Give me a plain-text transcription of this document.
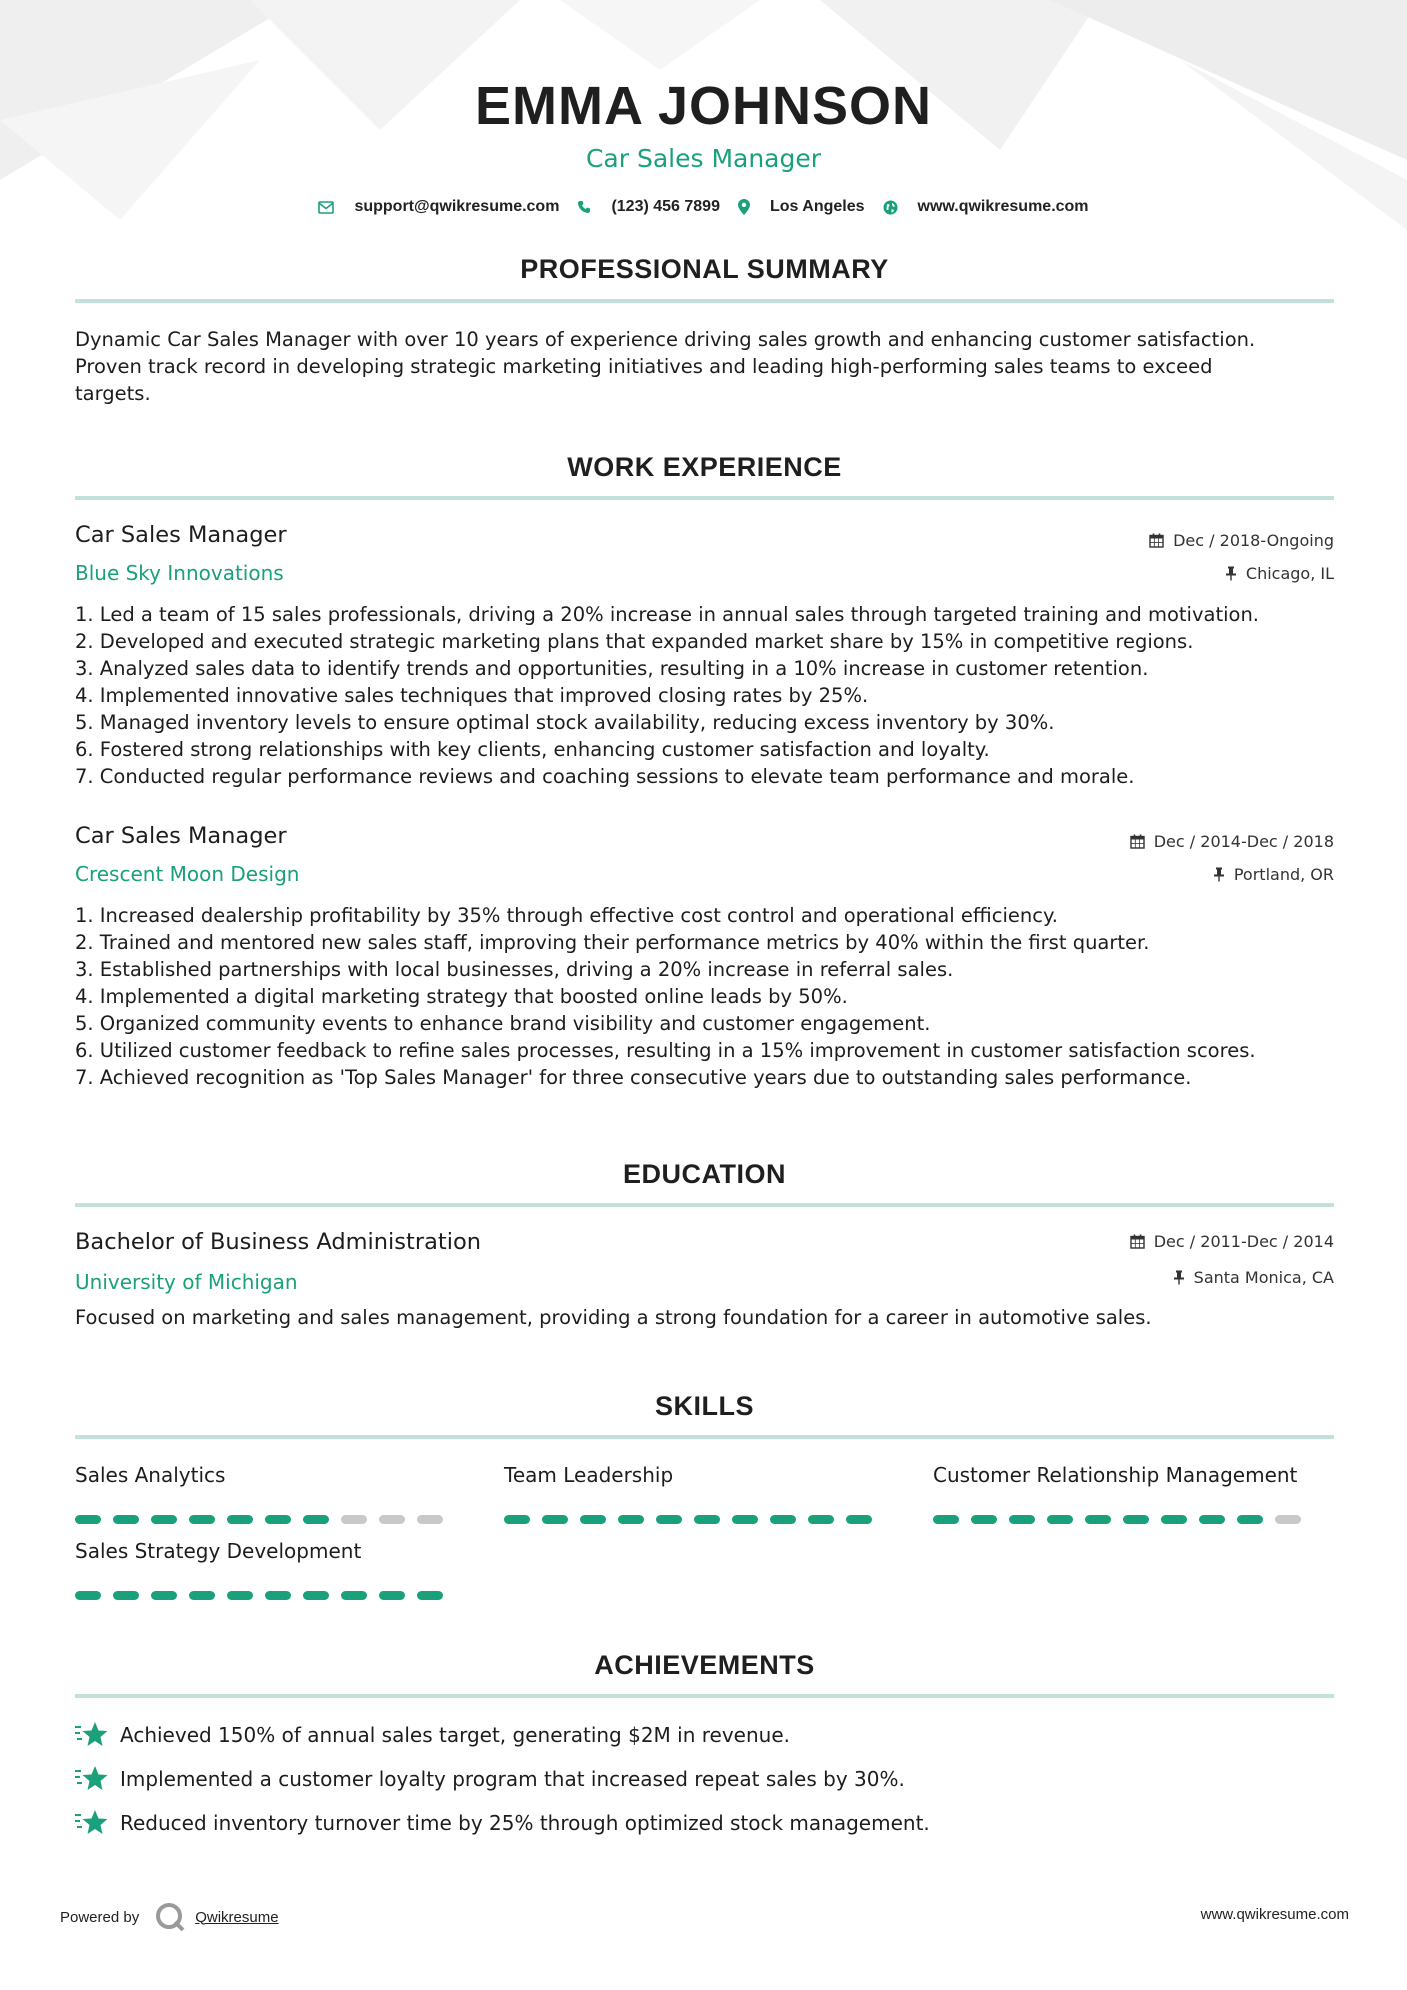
EMMA JOHNSON
Car Sales Manager
support@qwikresume.com	(123) 456 7899	Los Angeles	www.qwikresume.com
PROFESSIONAL SUMMARY
Dynamic Car Sales Manager with over 10 years of experience driving sales growth and enhancing customer satisfaction.
Proven track record in developing strategic marketing initiatives and leading high-performing sales teams to exceed
targets.
WORK EXPERIENCE
Car Sales Manager	Dec / 2018-Ongoing
Blue Sky Innovations	Chicago, IL
1. Led a team of 15 sales professionals, driving a 20% increase in annual sales through targeted training and motivation.
2. Developed and executed strategic marketing plans that expanded market share by 15% in competitive regions.
3. Analyzed sales data to identify trends and opportunities, resulting in a 10% increase in customer retention.
4. Implemented innovative sales techniques that improved closing rates by 25%.
5. Managed inventory levels to ensure optimal stock availability, reducing excess inventory by 30%.
6. Fostered strong relationships with key clients, enhancing customer satisfaction and loyalty.
7. Conducted regular performance reviews and coaching sessions to elevate team performance and morale.
Car Sales Manager	Dec / 2014-Dec / 2018
Crescent Moon Design	Portland, OR
1. Increased dealership profitability by 35% through effective cost control and operational efficiency.
2. Trained and mentored new sales staff, improving their performance metrics by 40% within the first quarter.
3. Established partnerships with local businesses, driving a 20% increase in referral sales.
4. Implemented a digital marketing strategy that boosted online leads by 50%.
5. Organized community events to enhance brand visibility and customer engagement.
6. Utilized customer feedback to refine sales processes, resulting in a 15% improvement in customer satisfaction scores.
7. Achieved recognition as 'Top Sales Manager' for three consecutive years due to outstanding sales performance.
EDUCATION
Bachelor of Business Administration	Dec / 2011-Dec / 2014
University of Michigan	Santa Monica, CA
Focused on marketing and sales management, providing a strong foundation for a career in automotive sales.
SKILLS
Sales Analytics	Team Leadership	Customer Relationship Management
Sales Strategy Development
ACHIEVEMENTS
Achieved 150% of annual sales target, generating $2M in revenue.
Implemented a customer loyalty program that increased repeat sales by 30%.
Reduced inventory turnover time by 25% through optimized stock management.
Powered by	Qwikresume	www.qwikresume.com
